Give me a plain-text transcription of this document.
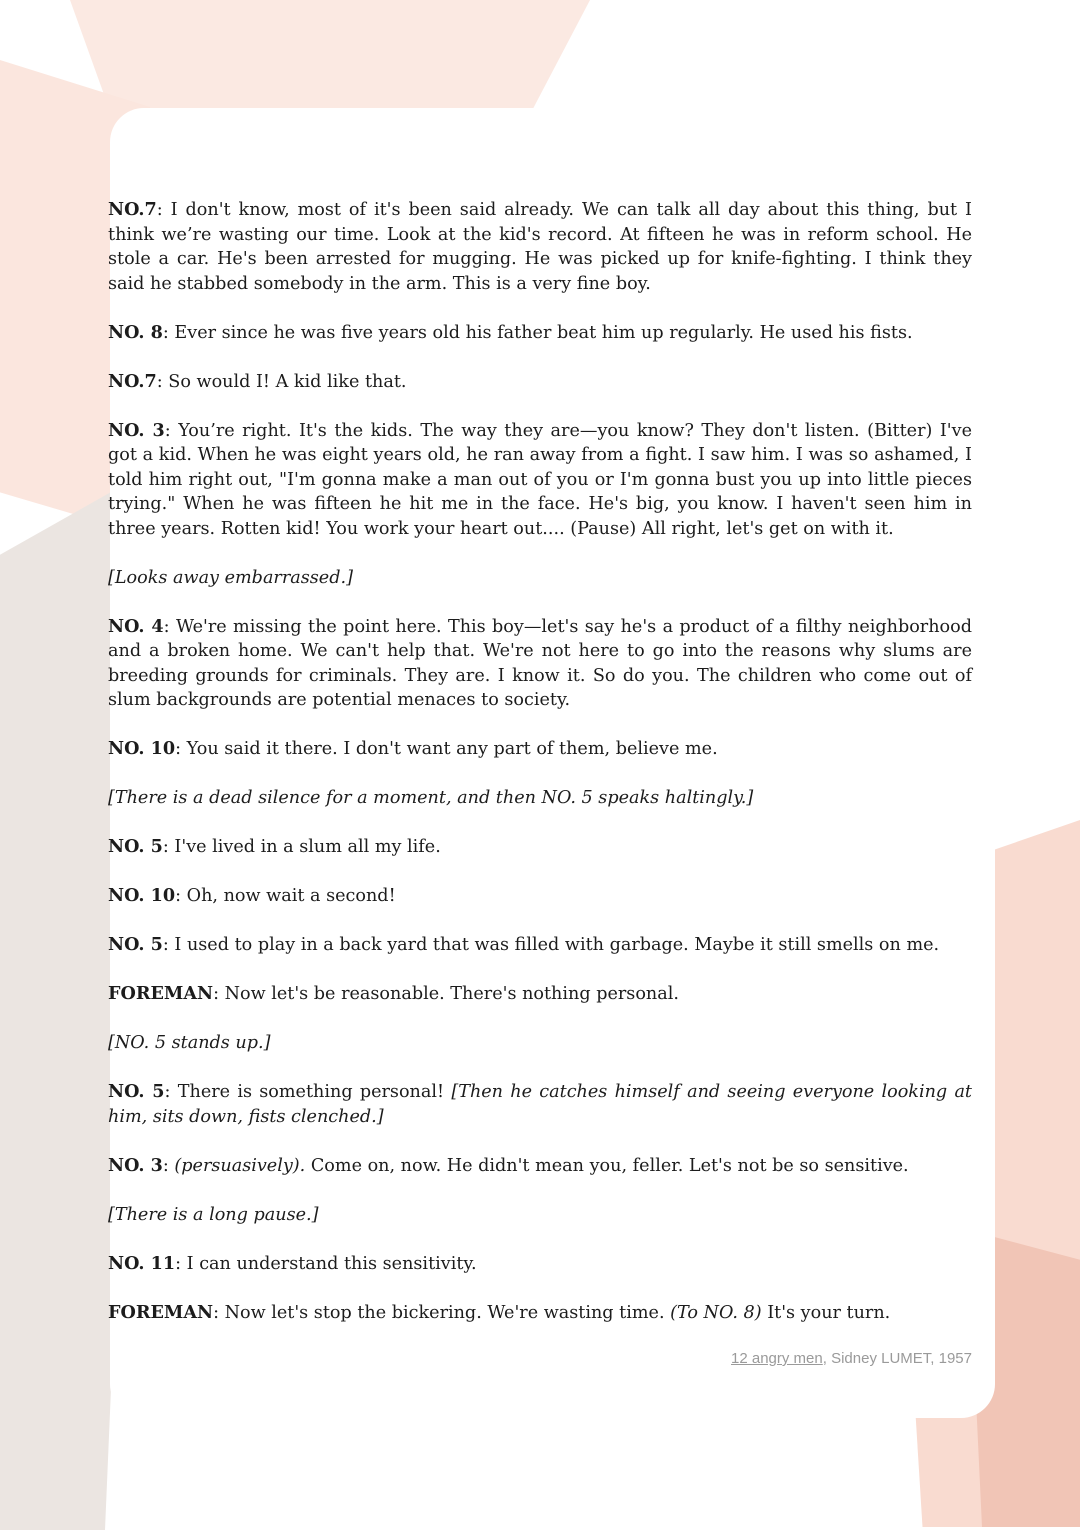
NO.7: I don't know, most of it's been said already. We can talk all day about this thing, but I think we’re wasting our time. Look at the kid's record. At fifteen he was in reform school. He stole a car. He's been arrested for mugging. He was picked up for knife-fighting. I think they said he stabbed somebody in the arm. This is a very fine boy.

NO. 8: Ever since he was five years old his father beat him up regularly. He used his fists.

NO.7: So would I! A kid like that.

NO. 3: You’re right. It's the kids. The way they are—you know? They don't listen. (Bitter) I've got a kid. When he was eight years old, he ran away from a fight. I saw him. I was so ashamed, I told him right out, "I'm gonna make a man out of you or I'm gonna bust you up into little pieces trying." When he was fifteen he hit me in the face. He's big, you know. I haven't seen him in three years. Rotten kid! You work your heart out.... (Pause) All right, let's get on with it.

[Looks away embarrassed.]

NO. 4: We're missing the point here. This boy—let's say he's a product of a filthy neighborhood and a broken home. We can't help that. We're not here to go into the reasons why slums are breeding grounds for criminals. They are. I know it. So do you. The children who come out of slum backgrounds are potential menaces to society.

NO. 10: You said it there. I don't want any part of them, believe me.

[There is a dead silence for a moment, and then NO. 5 speaks haltingly.]

NO. 5: I've lived in a slum all my life.

NO. 10: Oh, now wait a second!

NO. 5: I used to play in a back yard that was filled with garbage. Maybe it still smells on me.

FOREMAN: Now let's be reasonable. There's nothing personal.

[NO. 5 stands up.]

NO. 5: There is something personal! [Then he catches himself and seeing everyone looking at him, sits down, fists clenched.]

NO. 3: (persuasively). Come on, now. He didn't mean you, feller. Let's not be so sensitive.

[There is a long pause.]

NO. 11: I can understand this sensitivity.

FOREMAN: Now let's stop the bickering. We're wasting time. (To NO. 8) It's your turn.

12 angry men, Sidney LUMET, 1957
